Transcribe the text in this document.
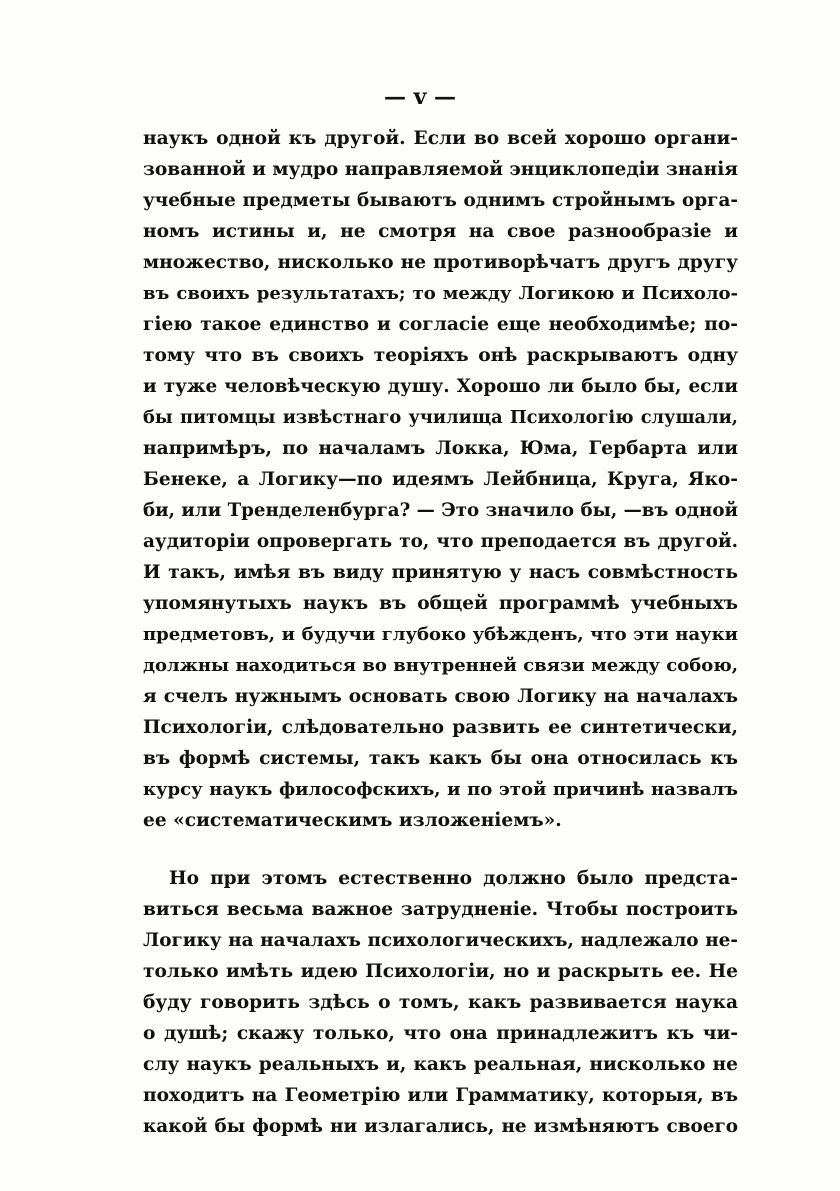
— v —
наукъ одной къ другой. Если во всей хорошо органи-
зованной и мудро направляемой энциклопедіи знанія
учебные предметы бываютъ однимъ стройнымъ орга-
номъ истины и, не смотря на свое разнообразіе и
множество, нисколько не противорѣчатъ другъ другу
въ своихъ результатахъ; то между Логикою и Психоло-
гіею такое единство и согласіе еще необходимѣе; по-
тому что въ своихъ теоріяхъ онѣ раскрываютъ одну
и туже человѣческую душу. Хорошо ли было бы, если
бы питомцы извѣстнаго училища Психологію слушали,
напримѣръ, по началамъ Локка, Юма, Гербарта или
Бенеке, а Логику—по идеямъ Лейбница, Круга, Яко-
би, или Тренделенбурга? — Это значило бы, —въ одной
аудиторіи опровергать то, что преподается въ другой.
И такъ, имѣя въ виду принятую у насъ совмѣстность
упомянутыхъ наукъ въ общей программѣ учебныхъ
предметовъ, и будучи глубоко убѣжденъ, что эти науки
должны находиться во внутренней связи между собою,
я счелъ нужнымъ основать свою Логику на началахъ
Психологіи, слѣдовательно развить ее синтетически,
въ формѣ системы, такъ какъ бы она относилась къ
курсу наукъ философскихъ, и по этой причинѣ назвалъ
ее «систематическимъ изложеніемъ».
Но при этомъ естественно должно было предста-
виться весьма важное затрудненіе. Чтобы построить
Логику на началахъ психологическихъ, надлежало не-
только имѣть идею Психологіи, но и раскрыть ее. Не
буду говорить здѣсь о томъ, какъ развивается наука
о душѣ; скажу только, что она принадлежитъ къ чи-
слу наукъ реальныхъ и, какъ реальная, нисколько не
походитъ на Геометрію или Грамматику, которыя, въ
какой бы формѣ ни излагались, не измѣняютъ своего
